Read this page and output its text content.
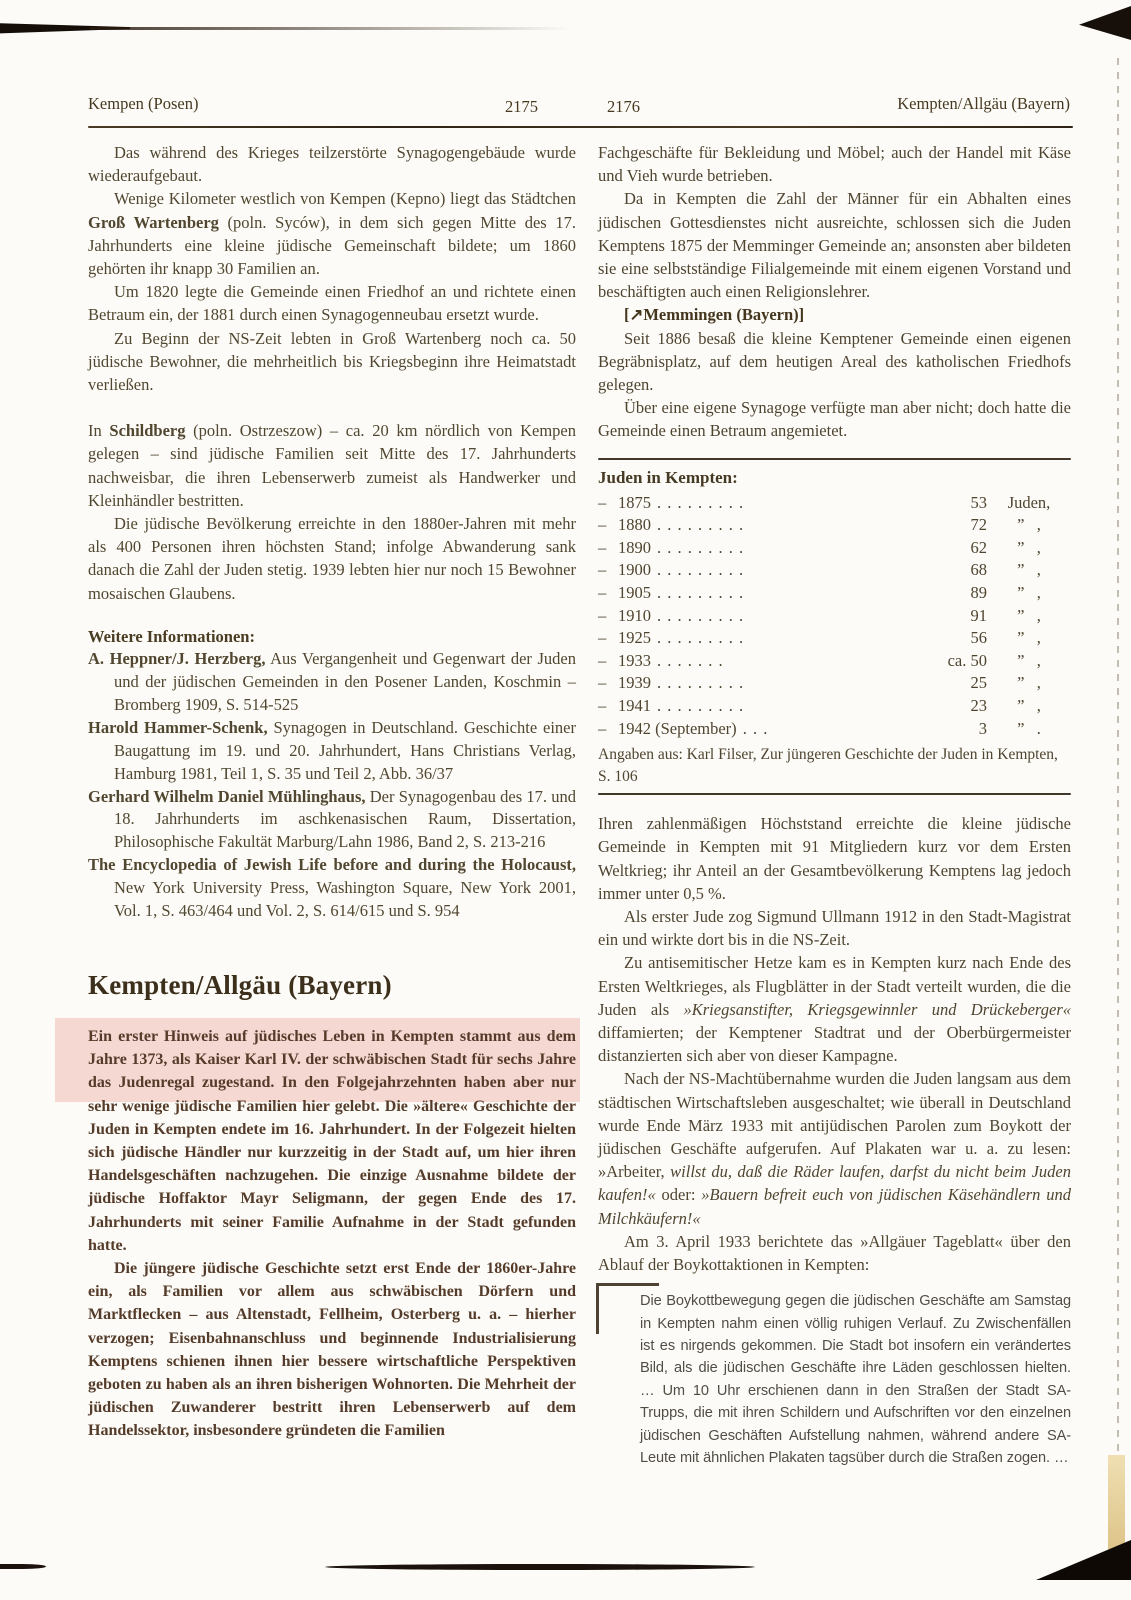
Kempen (Posen)	2175	2176	Kempten/Allgäu (Bayern)

Das während des Krieges teilzerstörte Synagogengebäude wurde wiederaufgebaut.

Wenige Kilometer westlich von Kempen (Kepno) liegt das Städtchen Groß Wartenberg (poln. Syców), in dem sich gegen Mitte des 17. Jahrhunderts eine kleine jüdische Gemeinschaft bildete; um 1860 gehörten ihr knapp 30 Familien an.

Um 1820 legte die Gemeinde einen Friedhof an und richtete einen Betraum ein, der 1881 durch einen Synagogenneubau ersetzt wurde.

Zu Beginn der NS-Zeit lebten in Groß Wartenberg noch ca. 50 jüdische Bewohner, die mehrheitlich bis Kriegsbeginn ihre Heimatstadt verließen.

In Schildberg (poln. Ostrzeszow) – ca. 20 km nördlich von Kempen gelegen – sind jüdische Familien seit Mitte des 17. Jahrhunderts nachweisbar, die ihren Lebenserwerb zumeist als Handwerker und Kleinhändler bestritten.

Die jüdische Bevölkerung erreichte in den 1880er-Jahren mit mehr als 400 Personen ihren höchsten Stand; infolge Abwanderung sank danach die Zahl der Juden stetig. 1939 lebten hier nur noch 15 Bewohner mosaischen Glaubens.

Weitere Informationen:

A. Heppner/J. Herzberg, Aus Vergangenheit und Gegenwart der Juden und der jüdischen Gemeinden in den Posener Landen, Koschmin – Bromberg 1909, S. 514-525

Harold Hammer-Schenk, Synagogen in Deutschland. Geschichte einer Baugattung im 19. und 20. Jahrhundert, Hans Christians Verlag, Hamburg 1981, Teil 1, S. 35 und Teil 2, Abb. 36/37

Gerhard Wilhelm Daniel Mühlinghaus, Der Synagogenbau des 17. und 18. Jahrhunderts im aschkenasischen Raum, Dissertation, Philosophische Fakultät Marburg/Lahn 1986, Band 2, S. 213-216

The Encyclopedia of Jewish Life before and during the Holocaust, New York University Press, Washington Square, New York 2001, Vol. 1, S. 463/464 und Vol. 2, S. 614/615 und S. 954

Kempten/Allgäu (Bayern)

Ein erster Hinweis auf jüdisches Leben in Kempten stammt aus dem Jahre 1373, als Kaiser Karl IV. der schwäbischen Stadt für sechs Jahre das Judenregal zugestand. In den Folgejahrzehnten haben aber nur sehr wenige jüdische Familien hier gelebt. Die »ältere« Geschichte der Juden in Kempten endete im 16. Jahrhundert. In der Folgezeit hielten sich jüdische Händler nur kurzzeitig in der Stadt auf, um hier ihren Handelsgeschäften nachzugehen. Die einzige Ausnahme bildete der jüdische Hoffaktor Mayr Seligmann, der gegen Ende des 17. Jahrhunderts mit seiner Familie Aufnahme in der Stadt gefunden hatte.

Die jüngere jüdische Geschichte setzt erst Ende der 1860er-Jahre ein, als Familien vor allem aus schwäbischen Dörfern und Marktflecken – aus Altenstadt, Fellheim, Osterberg u. a. – hierher verzogen; Eisenbahnanschluss und beginnende Industrialisierung Kemptens schienen ihnen hier bessere wirtschaftliche Perspektiven geboten zu haben als an ihren bisherigen Wohnorten. Die Mehrheit der jüdischen Zuwanderer bestritt ihren Lebenserwerb auf dem Handelssektor, insbesondere gründeten die Familien

Fachgeschäfte für Bekleidung und Möbel; auch der Handel mit Käse und Vieh wurde betrieben.

Da in Kempten die Zahl der Männer für ein Abhalten eines jüdischen Gottesdienstes nicht ausreichte, schlossen sich die Juden Kemptens 1875 der Memminger Gemeinde an; ansonsten aber bildeten sie eine selbstständige Filialgemeinde mit einem eigenen Vorstand und beschäftigten auch einen Religionslehrer.

[↗Memmingen (Bayern)]

Seit 1886 besaß die kleine Kemptener Gemeinde einen eigenen Begräbnisplatz, auf dem heutigen Areal des katholischen Friedhofs gelegen.

Über eine eigene Synagoge verfügte man aber nicht; doch hatte die Gemeinde einen Betraum angemietet.

Juden in Kempten:
– 1875 . . . . . . . . .	53	Juden,
– 1880 . . . . . . . . .	72	”   ,
– 1890 . . . . . . . . .	62	”   ,
– 1900 . . . . . . . . .	68	”   ,
– 1905 . . . . . . . . .	89	”   ,
– 1910 . . . . . . . . .	91	”   ,
– 1925 . . . . . . . . .	56	”   ,
– 1933 . . . . . . .	ca. 50	”   ,
– 1939 . . . . . . . . .	25	”   ,
– 1941 . . . . . . . . .	23	”   ,
– 1942 (September) . . .	3	”   .

Angaben aus: Karl Filser, Zur jüngeren Geschichte der Juden in Kempten, S. 106

Ihren zahlenmäßigen Höchststand erreichte die kleine jüdische Gemeinde in Kempten mit 91 Mitgliedern kurz vor dem Ersten Weltkrieg; ihr Anteil an der Gesamtbevölkerung Kemptens lag jedoch immer unter 0,5 %.

Als erster Jude zog Sigmund Ullmann 1912 in den Stadt-Magistrat ein und wirkte dort bis in die NS-Zeit.

Zu antisemitischer Hetze kam es in Kempten kurz nach Ende des Ersten Weltkrieges, als Flugblätter in der Stadt verteilt wurden, die die Juden als »Kriegsanstifter, Kriegsgewinnler und Drückeberger« diffamierten; der Kemptener Stadtrat und der Oberbürgermeister distanzierten sich aber von dieser Kampagne.

Nach der NS-Machtübernahme wurden die Juden langsam aus dem städtischen Wirtschaftsleben ausgeschaltet; wie überall in Deutschland wurde Ende März 1933 mit antijüdischen Parolen zum Boykott der jüdischen Geschäfte aufgerufen. Auf Plakaten war u. a. zu lesen: »Arbeiter, willst du, daß die Räder laufen, darfst du nicht beim Juden kaufen!« oder: »Bauern befreit euch von jüdischen Käsehändlern und Milchkäufern!«

Am 3. April 1933 berichtete das »Allgäuer Tageblatt« über den Ablauf der Boykottaktionen in Kempten:

Die Boykottbewegung gegen die jüdischen Geschäfte am Samstag in Kempten nahm einen völlig ruhigen Verlauf. Zu Zwischenfällen ist es nirgends gekommen. Die Stadt bot insofern ein verändertes Bild, als die jüdischen Geschäfte ihre Läden geschlossen hielten. … Um 10 Uhr erschienen dann in den Straßen der Stadt SA-Trupps, die mit ihren Schildern und Aufschriften vor den einzelnen jüdischen Geschäften Aufstellung nahmen, während andere SA-Leute mit ähnlichen Plakaten tagsüber durch die Straßen zogen. …
